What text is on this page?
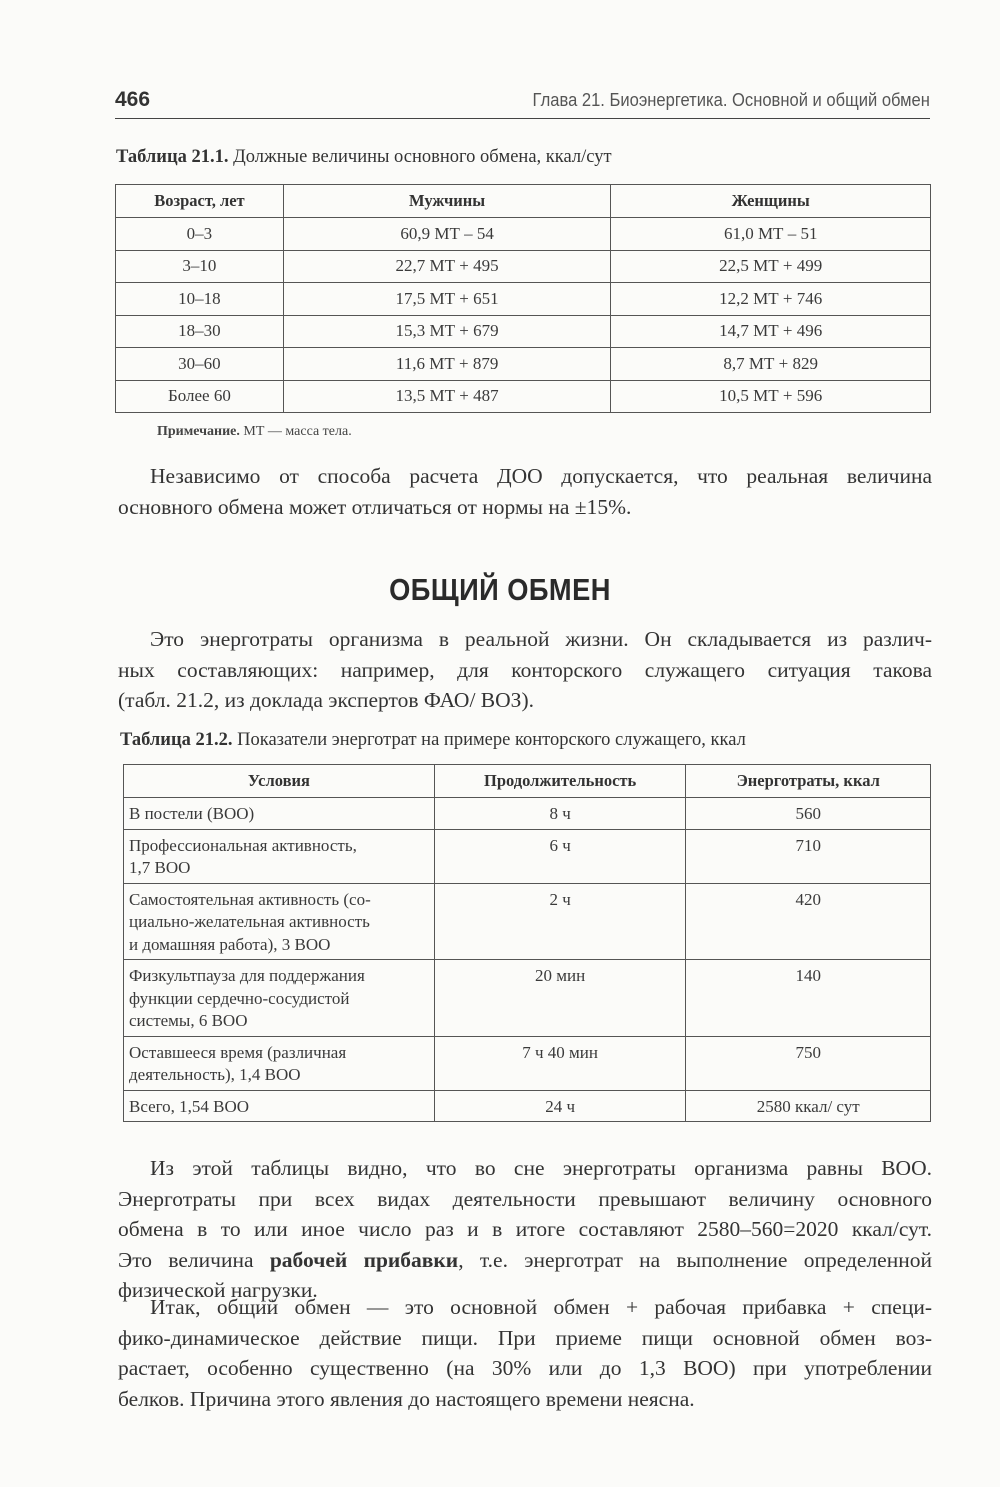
466	Глава 21. Биоэнергетика. Основной и общий обмен
Таблица 21.1. Должные величины основного обмена, ккал/сут
Возраст, лет	Мужчины	Женщины
0–3	60,9 МТ – 54	61,0 МТ – 51
3–10	22,7 МТ + 495	22,5 МТ + 499
10–18	17,5 МТ + 651	12,2 МТ + 746
18–30	15,3 МТ + 679	14,7 МТ + 496
30–60	11,6 МТ + 879	8,7 МТ + 829
Более 60	13,5 МТ + 487	10,5 МТ + 596
Примечание. МТ — масса тела.
Независимо от способа расчета ДОО допускается, что реальная величина
основного обмена может отличаться от нормы на ±15%.
ОБЩИЙ ОБМЕН
Это энерготраты организма в реальной жизни. Он складывается из различ-
ных составляющих: например, для конторского служащего ситуация такова
(табл. 21.2, из доклада экспертов ФАО/ ВОЗ).
Таблица 21.2. Показатели энерготрат на примере конторского служащего, ккал
Условия	Продолжительность	Энерготраты, ккал

В постели (ВОО)	8 ч	560

Профессиональная активность,
1,7 ВОО	6 ч	710

Самостоятельная активность (со-
циально-желательная активность
и домашняя работа), 3 ВОО	2 ч	420

Физкультпауза для поддержания
функции сердечно-сосудистой
системы, 6 ВОО	20 мин	140

Оставшееся время (различная
деятельность), 1,4 ВОО	7 ч 40 мин	750

Всего, 1,54 ВОО	24 ч	2580 ккал/ сут
Из этой таблицы видно, что во сне энерготраты организма равны ВОО.
Энерготраты при всех видах деятельности превышают величину основного
обмена в то или иное число раз и в итоге составляют 2580–560=2020 ккал/сут.
Это величина рабочей прибавки, т.е. энерготрат на выполнение определенной
физической нагрузки.
Итак, общий обмен — это основной обмен + рабочая прибавка + специ-
фико-динамическое действие пищи. При приеме пищи основной обмен воз-
растает, особенно существенно (на 30% или до 1,3 ВОО) при употреблении
белков. Причина этого явления до настоящего времени неясна.
